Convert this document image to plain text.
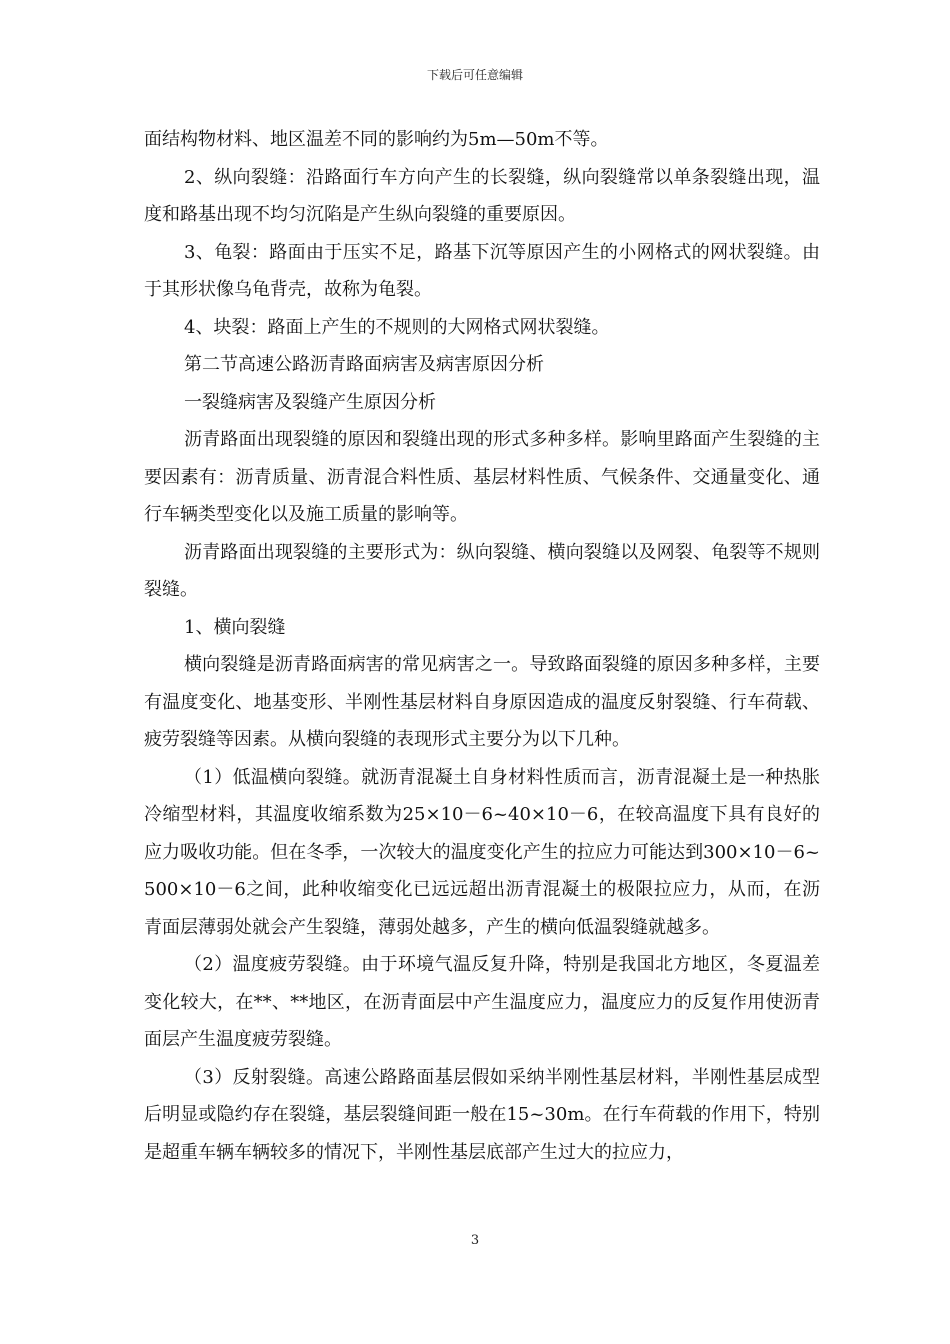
下载后可任意编辑

面结构物材料、地区温差不同的影响约为5m—50m不等。

2、纵向裂缝：沿路面行车方向产生的长裂缝，纵向裂缝常以单条裂缝出现，温度和路基出现不均匀沉陷是产生纵向裂缝的重要原因。

3、龟裂：路面由于压实不足，路基下沉等原因产生的小网格式的网状裂缝。由于其形状像乌龟背壳，故称为龟裂。

4、块裂：路面上产生的不规则的大网格式网状裂缝。

第二节高速公路沥青路面病害及病害原因分析

一裂缝病害及裂缝产生原因分析

沥青路面出现裂缝的原因和裂缝出现的形式多种多样。影响里路面产生裂缝的主要因素有：沥青质量、沥青混合料性质、基层材料性质、气候条件、交通量变化、通行车辆类型变化以及施工质量的影响等。

沥青路面出现裂缝的主要形式为：纵向裂缝、横向裂缝以及网裂、龟裂等不规则裂缝。

1、横向裂缝

横向裂缝是沥青路面病害的常见病害之一。导致路面裂缝的原因多种多样，主要有温度变化、地基变形、半刚性基层材料自身原因造成的温度反射裂缝、行车荷载、疲劳裂缝等因素。从横向裂缝的表现形式主要分为以下几种。

（1）低温横向裂缝。就沥青混凝土自身材料性质而言，沥青混凝土是一种热胀冷缩型材料，其温度收缩系数为25×10－6~40×10－6，在较高温度下具有良好的应力吸收功能。但在冬季，一次较大的温度变化产生的拉应力可能达到300×10－6~500×10－6之间，此种收缩变化已远远超出沥青混凝土的极限拉应力，从而，在沥青面层薄弱处就会产生裂缝，薄弱处越多，产生的横向低温裂缝就越多。

（2）温度疲劳裂缝。由于环境气温反复升降，特别是我国北方地区，冬夏温差变化较大，在**、**地区，在沥青面层中产生温度应力，温度应力的反复作用使沥青面层产生温度疲劳裂缝。

（3）反射裂缝。高速公路路面基层假如采纳半刚性基层材料，半刚性基层成型后明显或隐约存在裂缝，基层裂缝间距一般在15~30m。在行车荷载的作用下，特别是超重车辆车辆较多的情况下，半刚性基层底部产生过大的拉应力，

3
